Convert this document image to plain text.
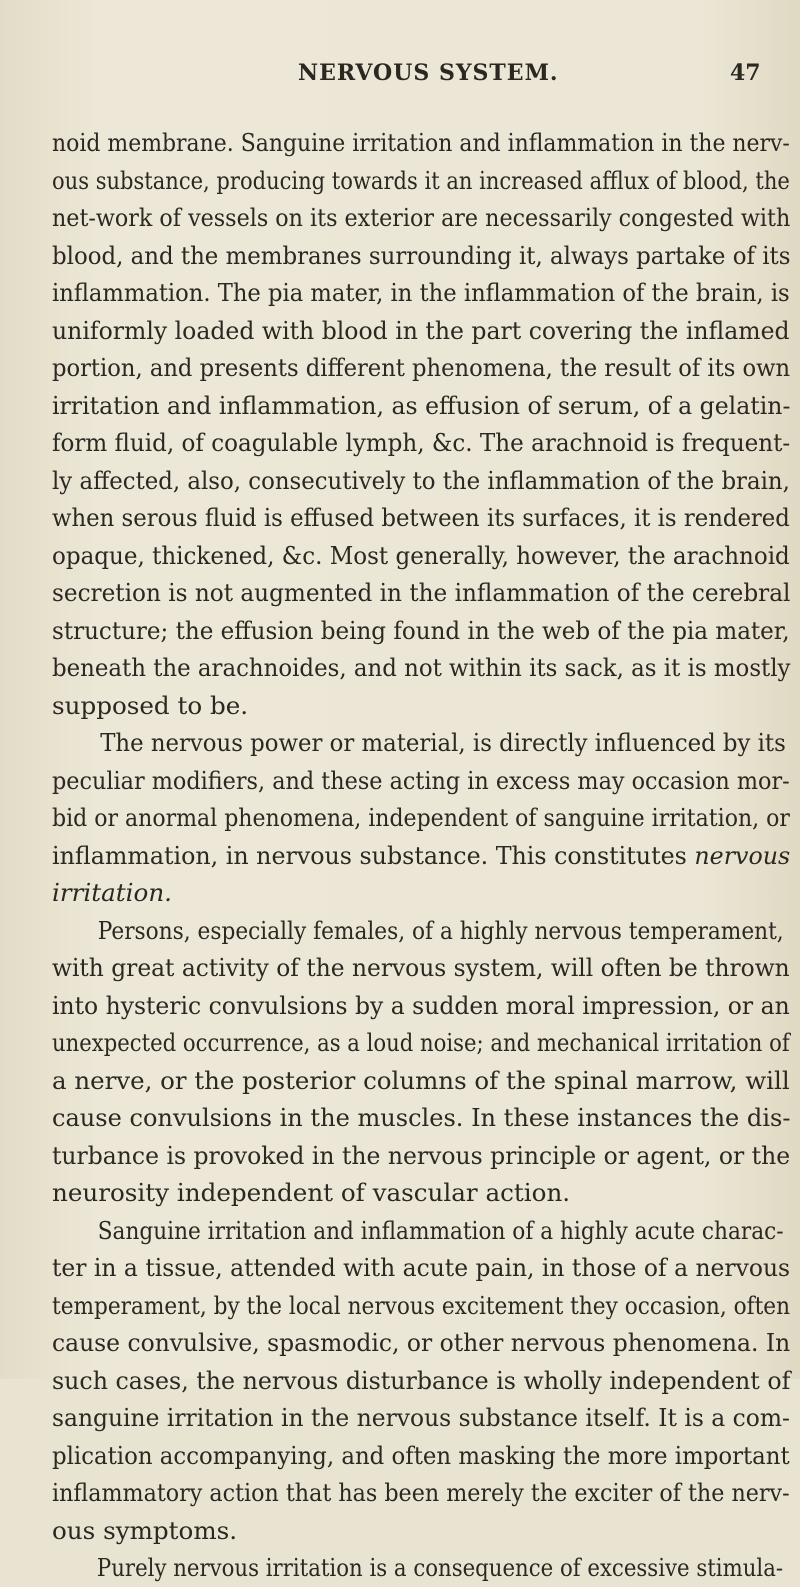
NERVOUS SYSTEM.	47
noid membrane. Sanguine irritation and inflammation in the nerv-
ous substance, producing towards it an increased afflux of blood, the
net-work of vessels on its exterior are necessarily congested with
blood, and the membranes surrounding it, always partake of its
inflammation. The pia mater, in the inflammation of the brain, is
uniformly loaded with blood in the part covering the inflamed
portion, and presents different phenomena, the result of its own
irritation and inflammation, as effusion of serum, of a gelatin-
form fluid, of coagulable lymph, &c. The arachnoid is frequent-
ly affected, also, consecutively to the inflammation of the brain,
when serous fluid is effused between its surfaces, it is rendered
opaque, thickened, &c. Most generally, however, the arachnoid
secretion is not augmented in the inflammation of the cerebral
structure; the effusion being found in the web of the pia mater,
beneath the arachnoides, and not within its sack, as it is mostly
supposed to be.
The nervous power or material, is directly influenced by its
peculiar modifiers, and these acting in excess may occasion mor-
bid or anormal phenomena, independent of sanguine irritation, or
inflammation, in nervous substance. This constitutes nervous
irritation.
Persons, especially females, of a highly nervous temperament,
with great activity of the nervous system, will often be thrown
into hysteric convulsions by a sudden moral impression, or an
unexpected occurrence, as a loud noise; and mechanical irritation of
a nerve, or the posterior columns of the spinal marrow, will
cause convulsions in the muscles. In these instances the dis-
turbance is provoked in the nervous principle or agent, or the
neurosity independent of vascular action.
Sanguine irritation and inflammation of a highly acute charac-
ter in a tissue, attended with acute pain, in those of a nervous
temperament, by the local nervous excitement they occasion, often
cause convulsive, spasmodic, or other nervous phenomena. In
such cases, the nervous disturbance is wholly independent of
sanguine irritation in the nervous substance itself. It is a com-
plication accompanying, and often masking the more important
inflammatory action that has been merely the exciter of the nerv-
ous symptoms.
Purely nervous irritation is a consequence of excessive stimula-
